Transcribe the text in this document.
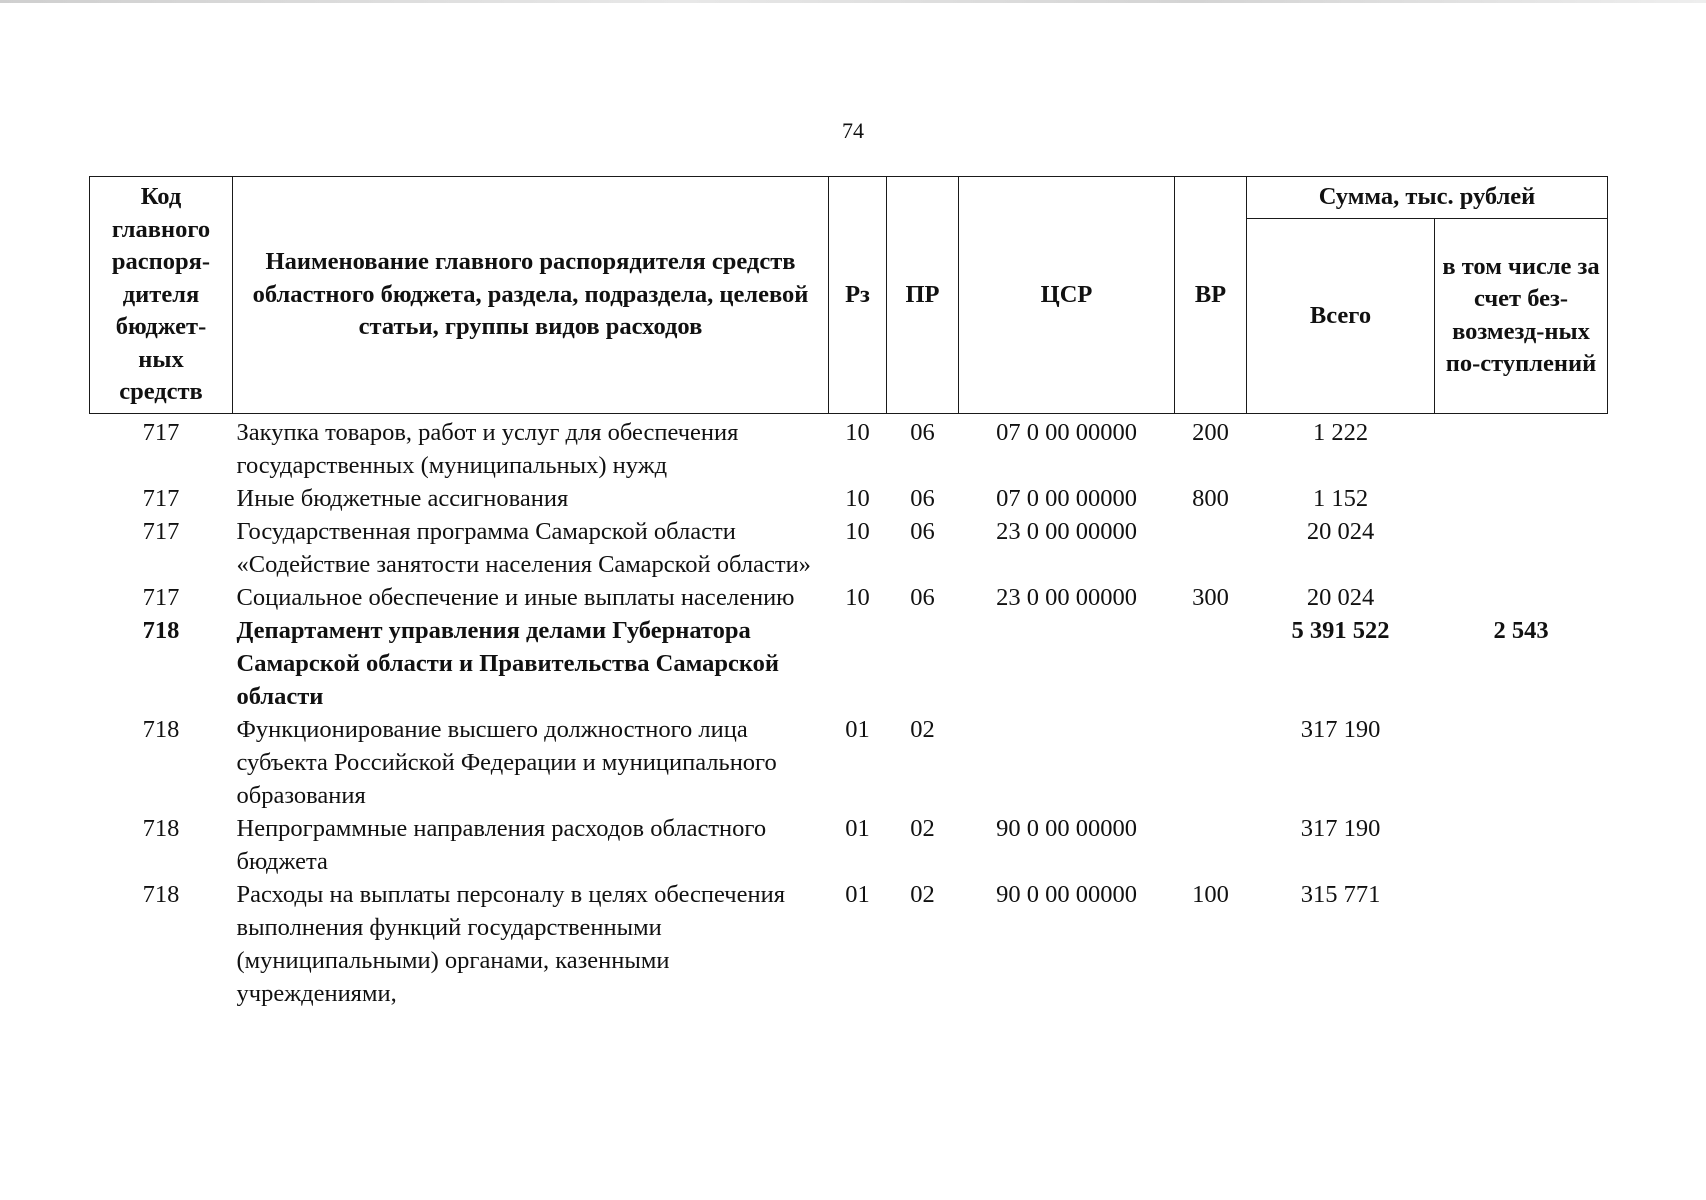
74
Код главного распоря-дителя бюджет-ных средств	Наименование главного распорядителя средств областного бюджета, раздела, подраздела, целевой статьи, группы видов расходов	Рз	ПР	ЦСР	ВР	Сумма, тыс. рублей	
						Всего	в том числе за счет без-возмезд-ных по-ступлений
717	Закупка товаров, работ и услуг для обеспечения государственных (муниципальных) нужд	10	06	07 0 00 00000	200	1 222	
717	Иные бюджетные ассигнования	10	06	07 0 00 00000	800	1 152	
717	Государственная программа Самарской области «Содействие занятости населения Самарской области»	10	06	23 0 00 00000		20 024	
717	Социальное обеспечение и иные выплаты населению	10	06	23 0 00 00000	300	20 024	
718	Департамент управления делами Губернатора Самарской области и Правительства Самарской области					5 391 522	2 543
718	Функционирование высшего должностного лица субъекта Российской Федерации и муниципального образования	01	02			317 190	
718	Непрограммные направления расходов областного бюджета	01	02	90 0 00 00000		317 190	
718	Расходы на выплаты персоналу в целях обеспечения выполнения функций государственными (муниципальными) органами, казенными учреждениями,	01	02	90 0 00 00000	100	315 771	
